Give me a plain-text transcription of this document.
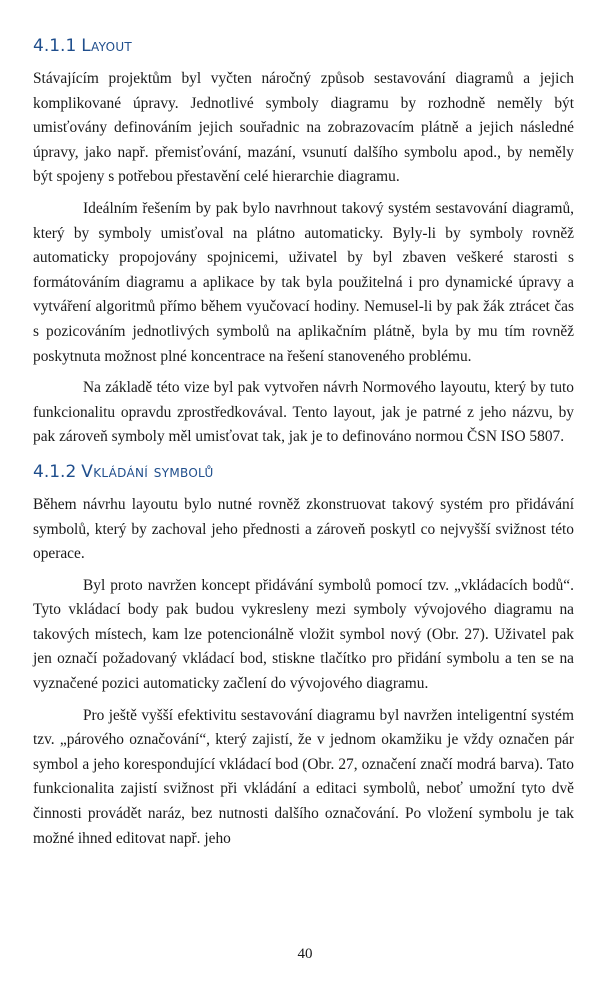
4.1.1 Layout

Stávajícím projektům byl vyčten náročný způsob sestavování diagramů a jejich komplikované úpravy. Jednotlivé symboly diagramu by rozhodně neměly být umisťovány definováním jejich souřadnic na zobrazovacím plátně a jejich následné úpravy, jako např. přemisťování, mazání, vsunutí dalšího symbolu apod., by neměly být spojeny s potřebou přestavění celé hierarchie diagramu.

Ideálním řešením by pak bylo navrhnout takový systém sestavování diagramů, který by symboly umisťoval na plátno automaticky. Byly-li by symboly rovněž automaticky propojovány spojnicemi, uživatel by byl zbaven veškeré starosti s formátováním diagramu a aplikace by tak byla použitelná i pro dynamické úpravy a vytváření algoritmů přímo během vyučovací hodiny. Nemusel-li by pak žák ztrácet čas s pozicováním jednotlivých symbolů na aplikačním plátně, byla by mu tím rovněž poskytnuta možnost plné koncentrace na řešení stanoveného problému.

Na základě této vize byl pak vytvořen návrh Normového layoutu, který by tuto funkcionalitu opravdu zprostředkovával. Tento layout, jak je patrné z jeho názvu, by pak zároveň symboly měl umisťovat tak, jak je to definováno normou ČSN ISO 5807.

4.1.2 Vkládání symbolů

Během návrhu layoutu bylo nutné rovněž zkonstruovat takový systém pro přidávání symbolů, který by zachoval jeho přednosti a zároveň poskytl co nejvyšší svižnost této operace.

Byl proto navržen koncept přidávání symbolů pomocí tzv. „vkládacích bodů“. Tyto vkládací body pak budou vykresleny mezi symboly vývojového diagramu na takových místech, kam lze potencionálně vložit symbol nový (Obr. 27). Uživatel pak jen označí požadovaný vkládací bod, stiskne tlačítko pro přidání symbolu a ten se na vyznačené pozici automaticky začlení do vývojového diagramu.

Pro ještě vyšší efektivitu sestavování diagramu byl navržen inteligentní systém tzv. „párového označování“, který zajistí, že v jednom okamžiku je vždy označen pár symbol a jeho korespondující vkládací bod (Obr. 27, označení značí modrá barva). Tato funkcionalita zajistí svižnost při vkládání a editaci symbolů, neboť umožní tyto dvě činnosti provádět naráz, bez nutnosti dalšího označování. Po vložení symbolu je tak možné ihned editovat např. jeho

40
